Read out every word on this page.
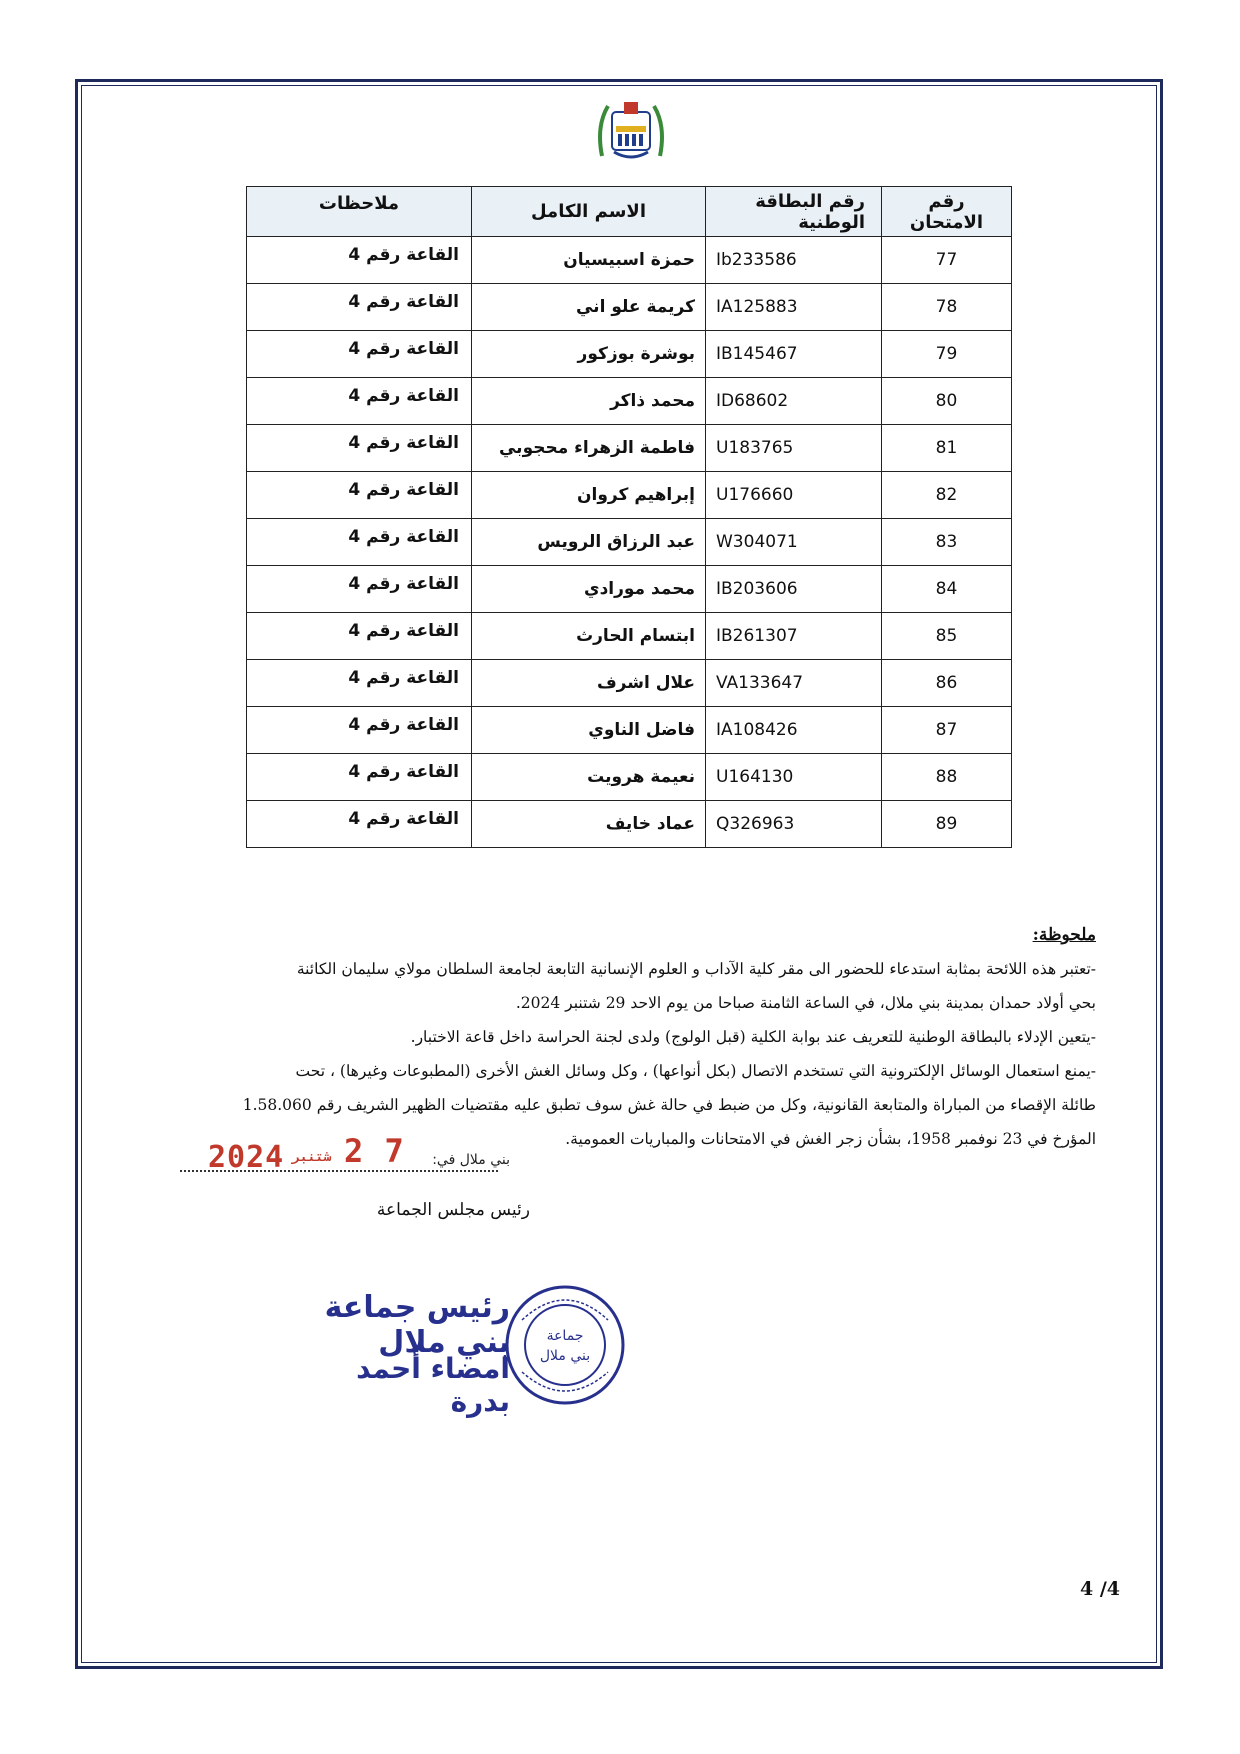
رقم الامتحان	رقم البطاقة الوطنية	الاسم الكامل	ملاحظات
77	Ib233586	حمزة اسبيسيان	القاعة رقم 4
78	IA125883	كريمة علو اني	القاعة رقم 4
79	IB145467	بوشرة بوزكور	القاعة رقم 4
80	ID68602	محمد ذاكر	القاعة رقم 4
81	U183765	فاطمة الزهراء محجوبي	القاعة رقم 4
82	U176660	إبراهيم كروان	القاعة رقم 4
83	W304071	عبد الرزاق الرويس	القاعة رقم 4
84	IB203606	محمد مورادي	القاعة رقم 4
85	IB261307	ابتسام الحارث	القاعة رقم 4
86	VA133647	علال اشرف	القاعة رقم 4
87	IA108426	فاضل الناوي	القاعة رقم 4
88	U164130	نعيمة هرويت	القاعة رقم 4
89	Q326963	عماد خايف	القاعة رقم 4
ملحوظة:
-تعتبر هذه اللائحة بمثابة استدعاء للحضور الى مقر كلية الآداب و العلوم الإنسانية التابعة لجامعة السلطان مولاي سليمان الكائنة
بحي أولاد حمدان بمدينة بني ملال، في الساعة الثامنة صباحا من يوم الاحد 29 شتنبر 2024.
-يتعين الإدلاء بالبطاقة الوطنية للتعريف عند بوابة الكلية (قبل الولوج) ولدى لجنة الحراسة داخل قاعة الاختبار.
-يمنع استعمال الوسائل الإلكترونية التي تستخدم الاتصال (بكل أنواعها) ، وكل وسائل الغش الأخرى (المطبوعات وغيرها) ، تحت
طائلة الإقصاء من المباراة والمتابعة القانونية، وكل من ضبط في حالة غش سوف تطبق عليه مقتضيات الظهير الشريف رقم 1.58.060
المؤرخ في 23 نوفمبر 1958، بشأن زجر الغش في الامتحانات والمباريات العمومية.
بني ملال في:
2024 شتنبر 2 7
رئيس مجلس الجماعة
رئيس جماعة بني ملال
امضاء أحمد بدرة
جماعة
بني ملال
4 /4
